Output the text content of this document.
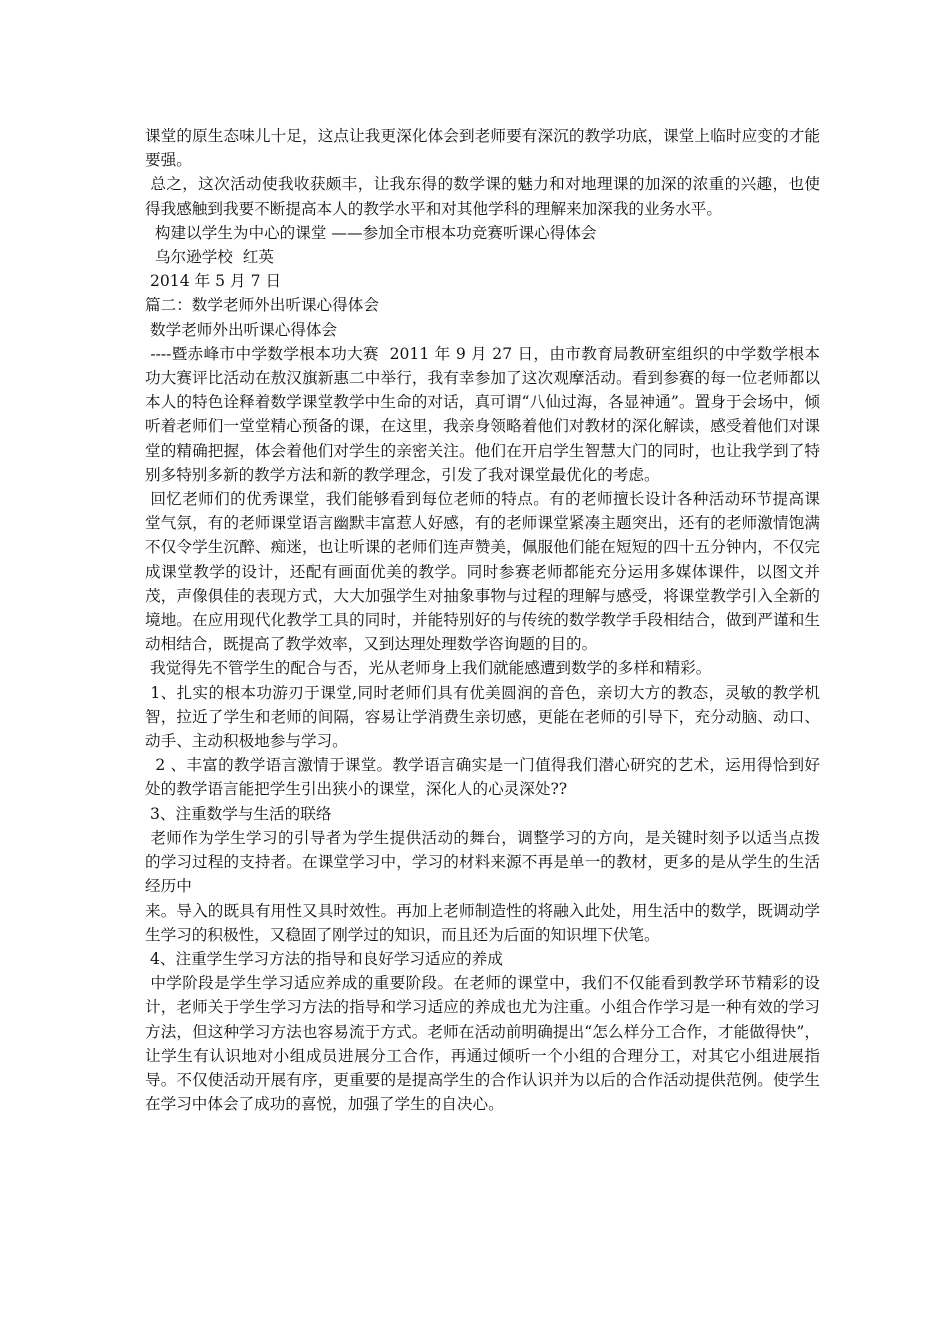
课堂的原生态味儿十足，这点让我更深化体会到老师要有深沉的教学功底，课堂上临时应变的才能要强。

总之，这次活动使我收获颇丰，让我东得的数学课的魅力和对地理课的加深的浓重的兴趣，也使得我感触到我要不断提高本人的教学水平和对其他学科的理解来加深我的业务水平。

构建以学生为中心的课堂 ——参加全市根本功竞赛听课心得体会

乌尔逊学校  红英

2014 年 5 月 7 日

篇二：数学老师外出听课心得体会

数学老师外出听课心得体会

----暨赤峰市中学数学根本功大赛  2011 年 9 月 27 日，由市教育局教研室组织的中学数学根本功大赛评比活动在敖汉旗新惠二中举行，我有幸参加了这次观摩活动。看到参赛的每一位老师都以本人的特色诠释着数学课堂教学中生命的对话，真可谓“八仙过海，各显神通”。置身于会场中，倾听着老师们一堂堂精心预备的课，在这里，我亲身领略着他们对教材的深化解读，感受着他们对课堂的精确把握，体会着他们对学生的亲密关注。他们在开启学生智慧大门的同时，也让我学到了特别多特别多新的教学方法和新的教学理念，引发了我对课堂最优化的考虑。

回忆老师们的优秀课堂，我们能够看到每位老师的特点。有的老师擅长设计各种活动环节提高课堂气氛，有的老师课堂语言幽默丰富惹人好感，有的老师课堂紧凑主题突出，还有的老师激情饱满不仅令学生沉醉、痴迷，也让听课的老师们连声赞美，佩服他们能在短短的四十五分钟内，不仅完成课堂教学的设计，还配有画面优美的教学。同时参赛老师都能充分运用多媒体课件，以图文并茂，声像俱佳的表现方式，大大加强学生对抽象事物与过程的理解与感受，将课堂教学引入全新的境地。在应用现代化教学工具的同时，并能特别好的与传统的数学教学手段相结合，做到严谨和生动相结合，既提高了教学效率，又到达理处理数学咨询题的目的。

我觉得先不管学生的配合与否，光从老师身上我们就能感遭到数学的多样和精彩。

1、扎实的根本功游刃于课堂,同时老师们具有优美圆润的音色，亲切大方的教态，灵敏的教学机智，拉近了学生和老师的间隔，容易让学消费生亲切感，更能在老师的引导下，充分动脑、动口、动手、主动积极地参与学习。

2 、丰富的教学语言激情于课堂。教学语言确实是一门值得我们潜心研究的艺术，运用得恰到好处的教学语言能把学生引出狭小的课堂，深化人的心灵深处??

3、注重数学与生活的联络

老师作为学生学习的引导者为学生提供活动的舞台，调整学习的方向，是关键时刻予以适当点拨的学习过程的支持者。在课堂学习中，学习的材料来源不再是单一的教材，更多的是从学生的生活经历中

来。导入的既具有用性又具时效性。再加上老师制造性的将融入此处，用生活中的数学，既调动学生学习的积极性，又稳固了刚学过的知识，而且还为后面的知识埋下伏笔。

4、注重学生学习方法的指导和良好学习适应的养成

中学阶段是学生学习适应养成的重要阶段。在老师的课堂中，我们不仅能看到教学环节精彩的设计，老师关于学生学习方法的指导和学习适应的养成也尤为注重。小组合作学习是一种有效的学习方法，但这种学习方法也容易流于方式。老师在活动前明确提出“怎么样分工合作，才能做得快”，让学生有认识地对小组成员进展分工合作，再通过倾听一个小组的合理分工，对其它小组进展指导。不仅使活动开展有序，更重要的是提高学生的合作认识并为以后的合作活动提供范例。使学生在学习中体会了成功的喜悦，加强了学生的自决心。
